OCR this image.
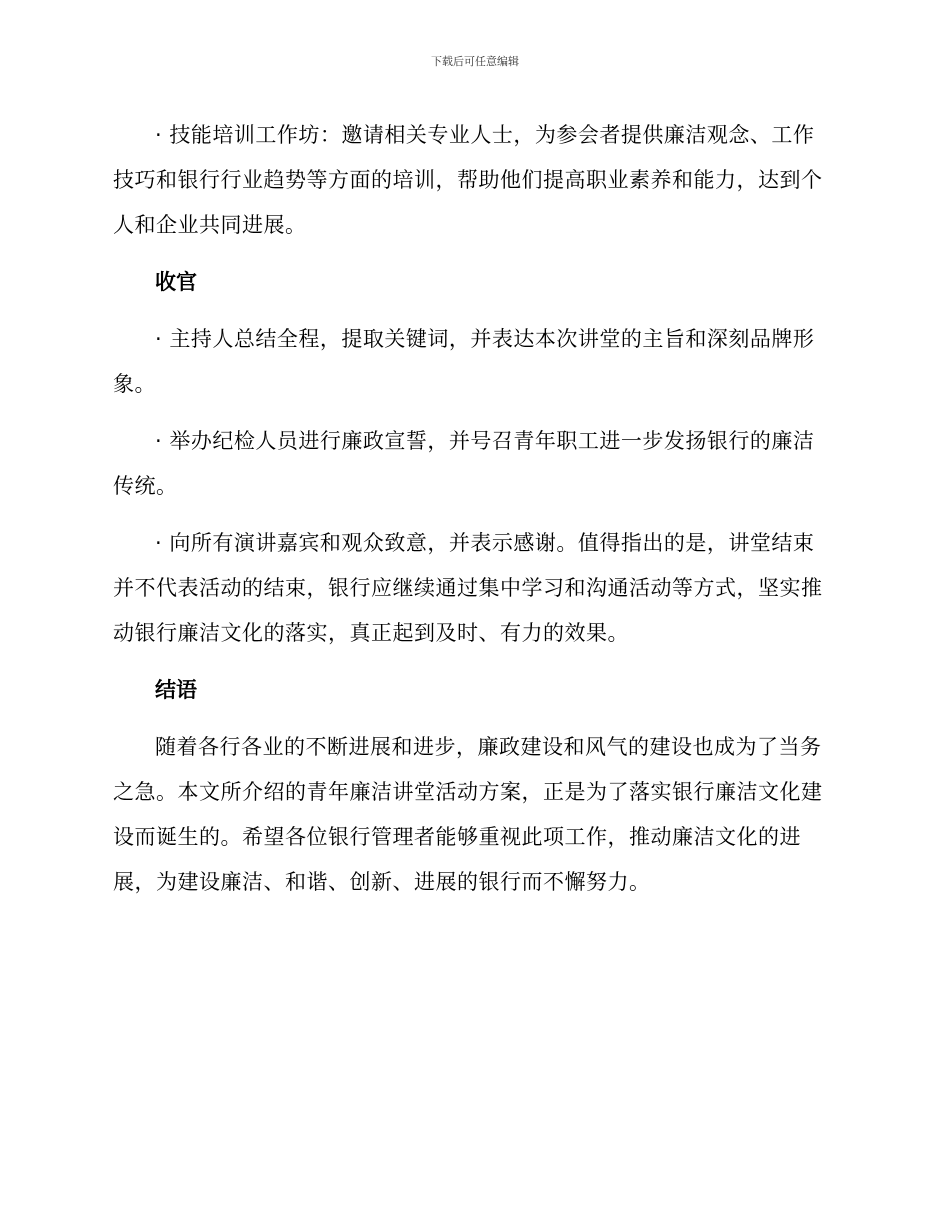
下载后可任意编辑

· 技能培训工作坊：邀请相关专业人士，为参会者提供廉洁观念、工作技巧和银行行业趋势等方面的培训，帮助他们提高职业素养和能力，达到个人和企业共同进展。

收官

· 主持人总结全程，提取关键词，并表达本次讲堂的主旨和深刻品牌形象。

· 举办纪检人员进行廉政宣誓，并号召青年职工进一步发扬银行的廉洁传统。

· 向所有演讲嘉宾和观众致意，并表示感谢。值得指出的是，讲堂结束并不代表活动的结束，银行应继续通过集中学习和沟通活动等方式，坚实推动银行廉洁文化的落实，真正起到及时、有力的效果。

结语

随着各行各业的不断进展和进步，廉政建设和风气的建设也成为了当务之急。本文所介绍的青年廉洁讲堂活动方案，正是为了落实银行廉洁文化建设而诞生的。希望各位银行管理者能够重视此项工作，推动廉洁文化的进展，为建设廉洁、和谐、创新、进展的银行而不懈努力。
